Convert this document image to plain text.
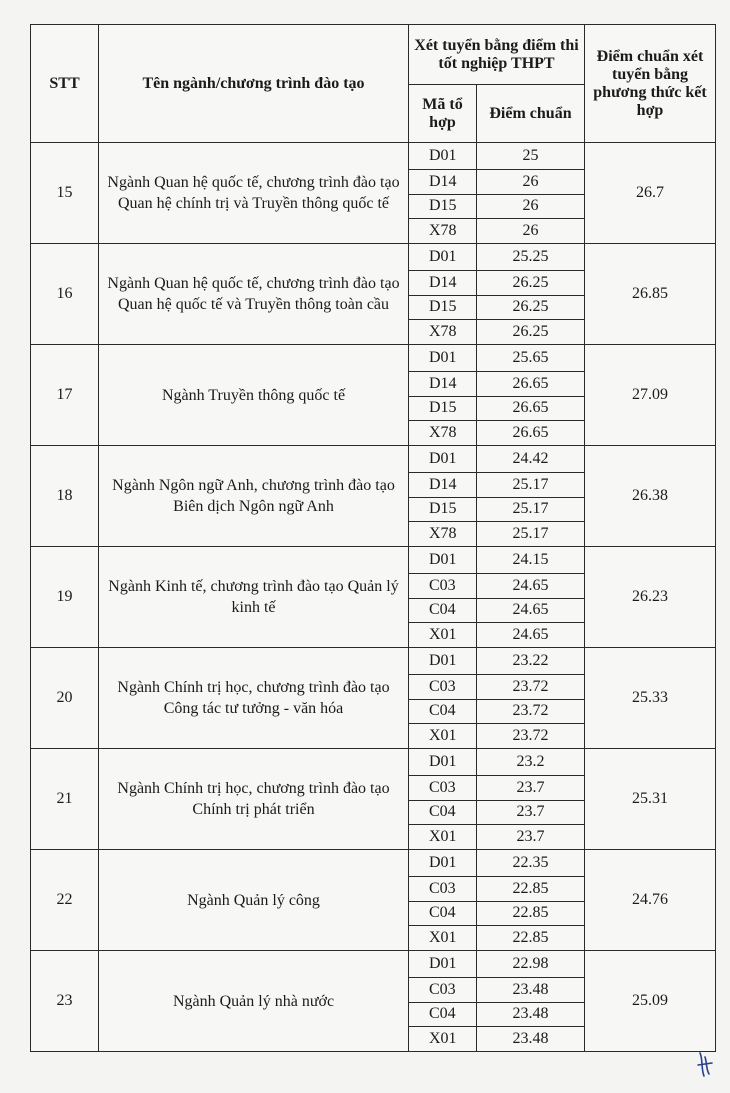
STT	Tên ngành/chương trình đào tạo	Xét tuyển bằng điểm thi tốt nghiệp THPT		Điểm chuẩn xét tuyển bằng phương thức kết hợp
		Mã tổ hợp	Điểm chuẩn	
15	Ngành Quan hệ quốc tế, chương trình đào tạo Quan hệ chính trị và Truyền thông quốc tế	D01	25	26.7
		D14	26	
		D15	26	
		X78	26	
16	Ngành Quan hệ quốc tế, chương trình đào tạo Quan hệ quốc tế và Truyền thông toàn cầu	D01	25.25	26.85
		D14	26.25	
		D15	26.25	
		X78	26.25	
17	Ngành Truyền thông quốc tế	D01	25.65	27.09
		D14	26.65	
		D15	26.65	
		X78	26.65	
18	Ngành Ngôn ngữ Anh, chương trình đào tạo Biên dịch Ngôn ngữ Anh	D01	24.42	26.38
		D14	25.17	
		D15	25.17	
		X78	25.17	
19	Ngành Kinh tế, chương trình đào tạo Quản lý kinh tế	D01	24.15	26.23
		C03	24.65	
		C04	24.65	
		X01	24.65	
20	Ngành Chính trị học, chương trình đào tạo Công tác tư tưởng - văn hóa	D01	23.22	25.33
		C03	23.72	
		C04	23.72	
		X01	23.72	
21	Ngành Chính trị học, chương trình đào tạo Chính trị phát triển	D01	23.2	25.31
		C03	23.7	
		C04	23.7	
		X01	23.7	
22	Ngành Quản lý công	D01	22.35	24.76
		C03	22.85	
		C04	22.85	
		X01	22.85	
23	Ngành Quản lý nhà nước	D01	22.98	25.09
		C03	23.48	
		C04	23.48	
		X01	23.48	
